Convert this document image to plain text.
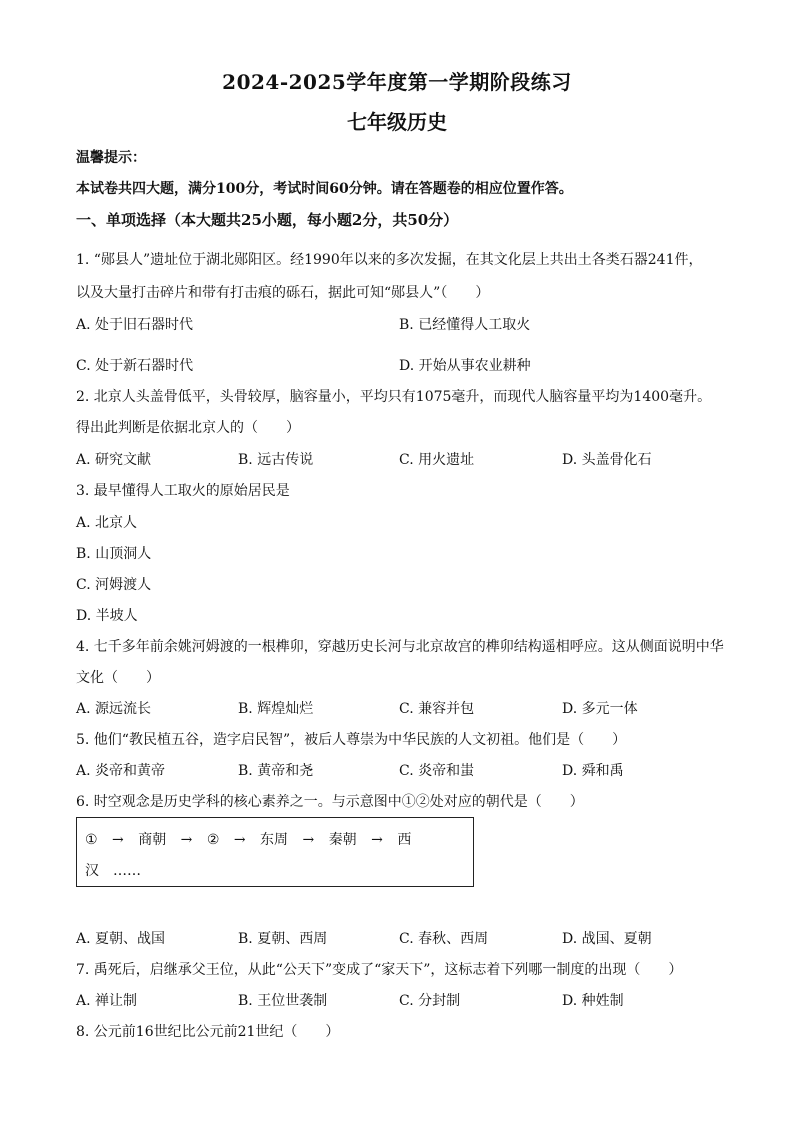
2024-2025学年度第一学期阶段练习
七年级历史
温馨提示：
本试卷共四大题，满分100分，考试时间60分钟。请在答题卷的相应位置作答。
一、单项选择（本大题共25小题，每小题2分，共50分）
1. “郧县人”遗址位于湖北郧阳区。经1990年以来的多次发掘，在其文化层上共出土各类石器241件，
以及大量打击碎片和带有打击痕的砾石，据此可知“郧县人”（　　）
A. 处于旧石器时代	B. 已经懂得人工取火
C. 处于新石器时代	D. 开始从事农业耕种
2. 北京人头盖骨低平，头骨较厚，脑容量小，平均只有1075毫升，而现代人脑容量平均为1400毫升。
得出此判断是依据北京人的（　　）
A. 研究文献	B. 远古传说	C. 用火遗址	D. 头盖骨化石
3. 最早懂得人工取火的原始居民是
A. 北京人
B. 山顶洞人
C. 河姆渡人
D. 半坡人
4. 七千多年前余姚河姆渡的一根榫卯，穿越历史长河与北京故宫的榫卯结构遥相呼应。这从侧面说明中华
文化（　　）
A. 源远流长	B. 辉煌灿烂	C. 兼容并包	D. 多元一体
5. 他们“教民植五谷，造字启民智”，被后人尊崇为中华民族的人文初祖。他们是（　　）
A. 炎帝和黄帝	B. 黄帝和尧	C. 炎帝和蚩	D. 舜和禹
6. 时空观念是历史学科的核心素养之一。与示意图中①②处对应的朝代是（　　）
① → 商朝 → ② → 东周 → 秦朝 → 西
汉　……
A. 夏朝、战国	B. 夏朝、西周	C. 春秋、西周	D. 战国、夏朝
7. 禹死后，启继承父王位，从此“公天下”变成了“家天下”，这标志着下列哪一制度的出现（　　）
A. 禅让制	B. 王位世袭制	C. 分封制	D. 种姓制
8. 公元前16世纪比公元前21世纪（　　）
